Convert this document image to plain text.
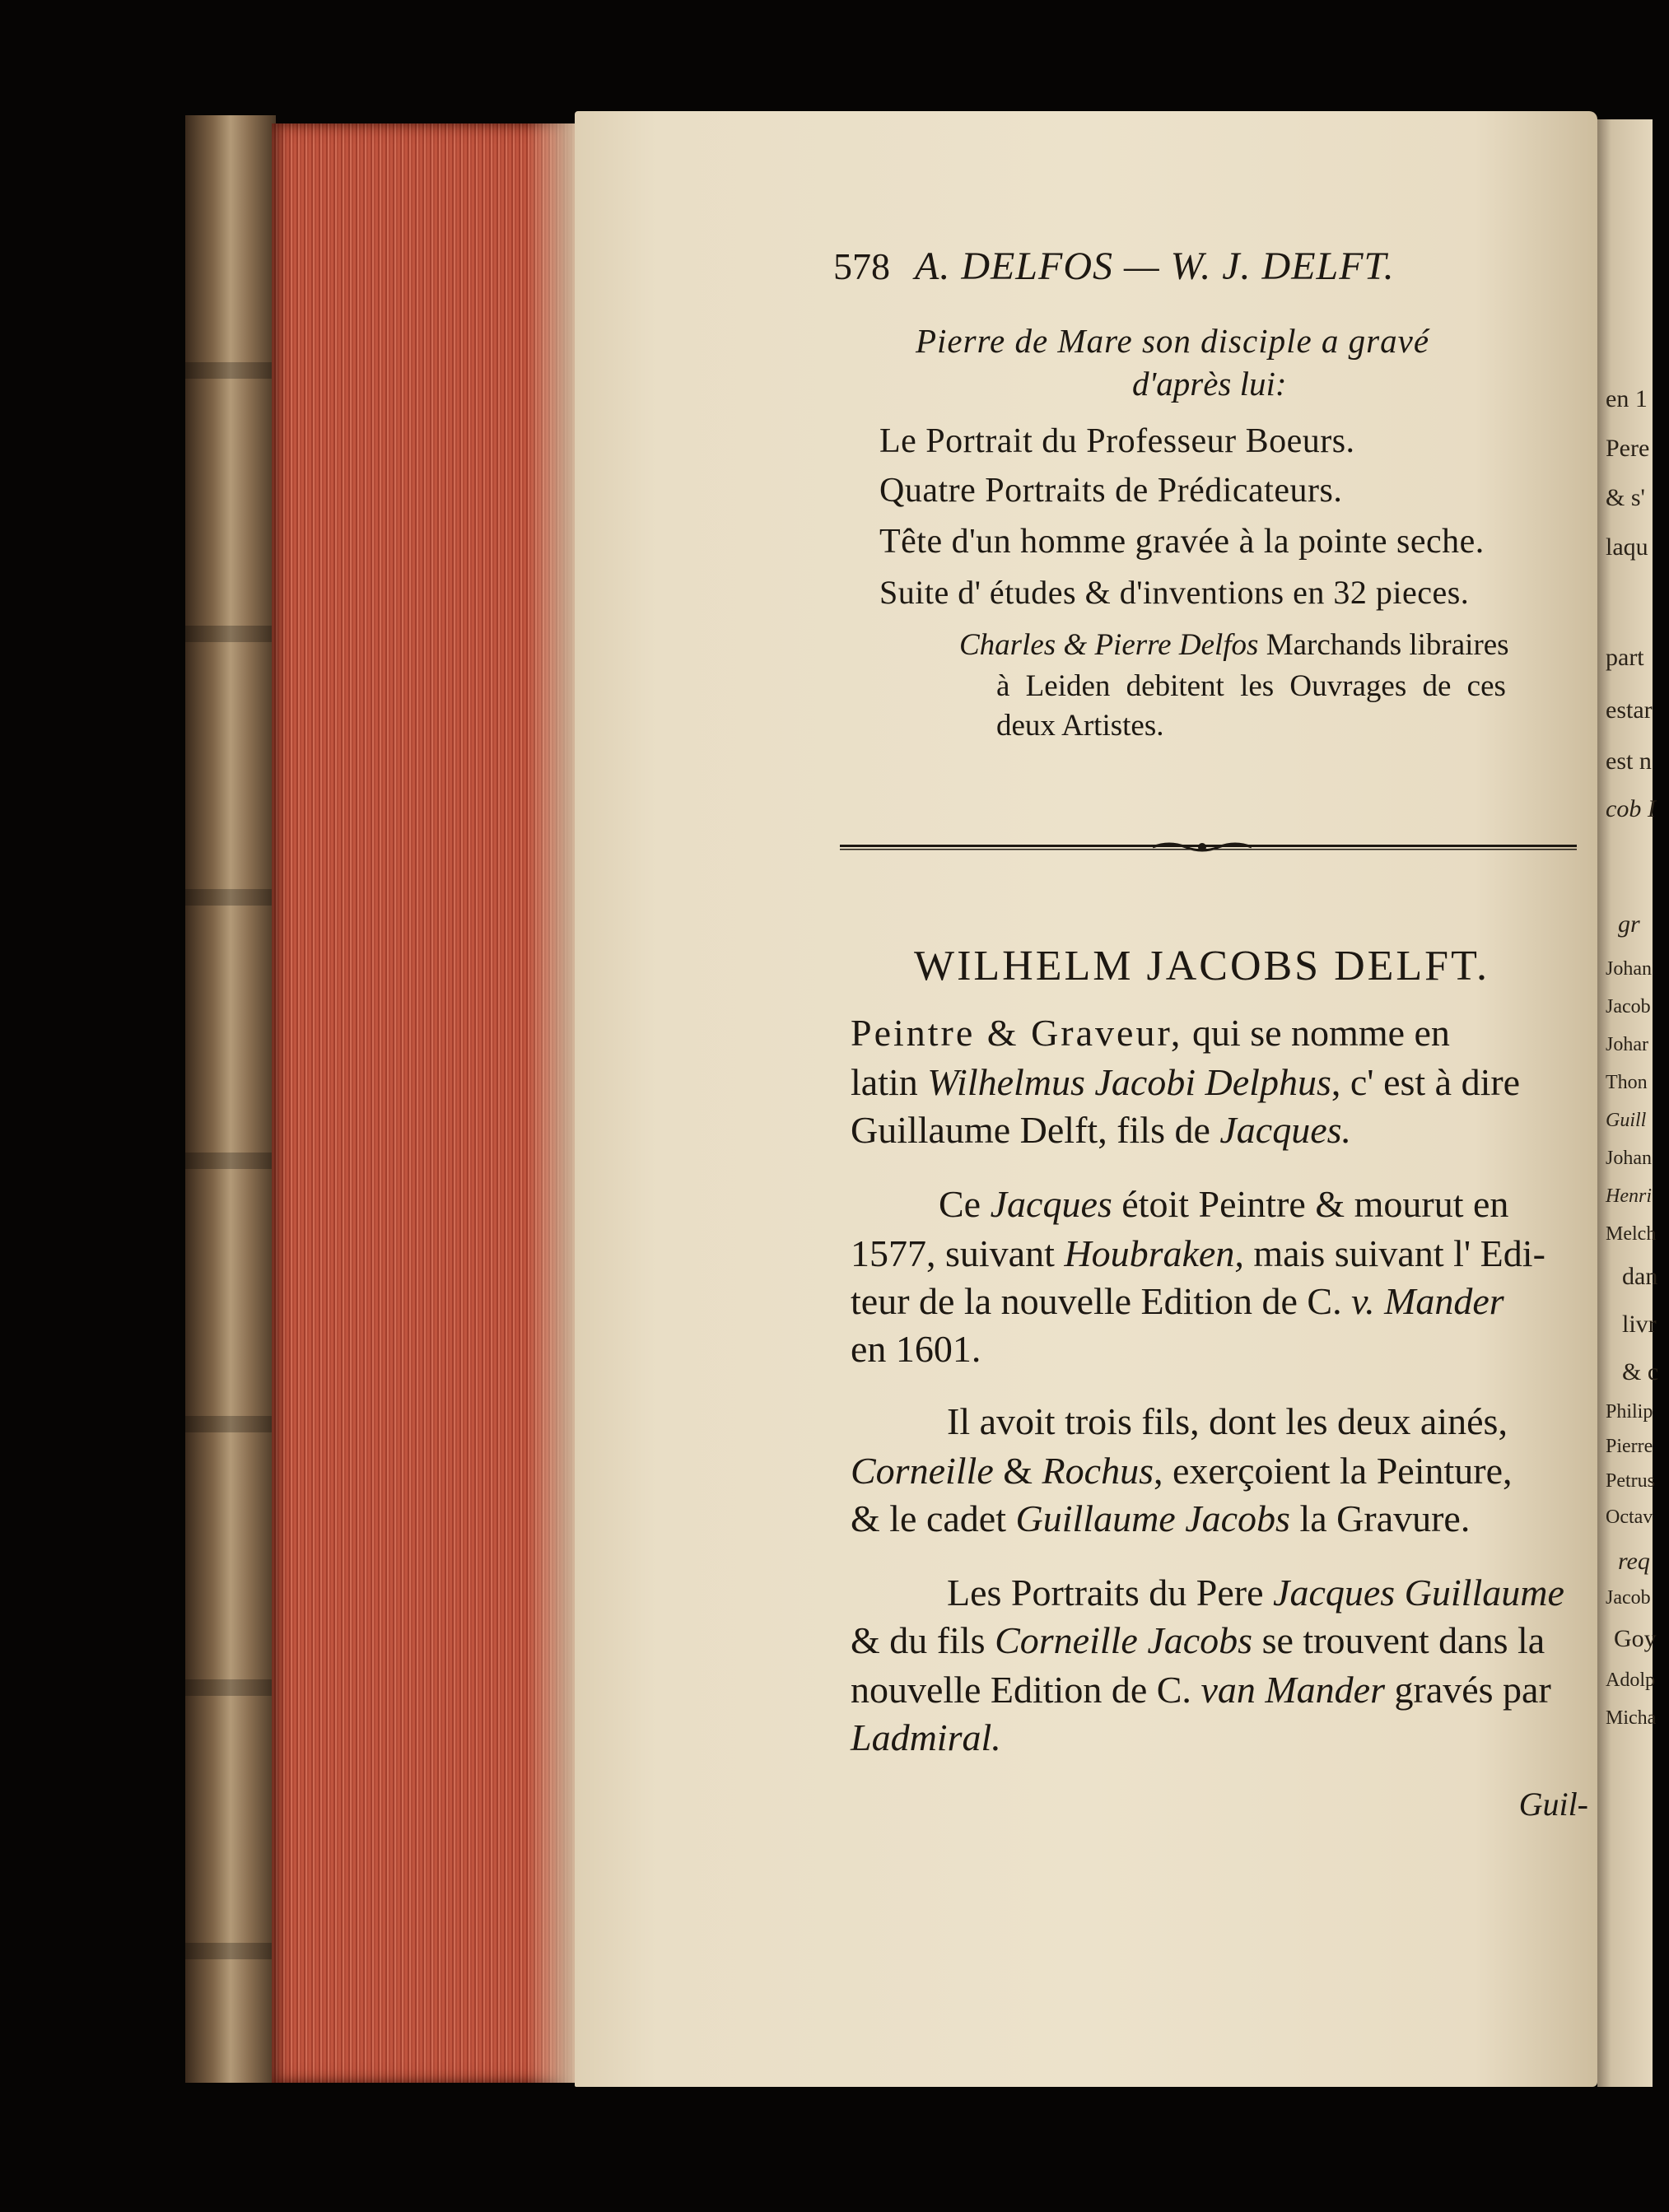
578 A. DELFOS — W. J. DELFT.
Pierre de Mare son disciple a gravé
d'après lui:
Le Portrait du Professeur Boeurs.
Quatre Portraits de Prédicateurs.
Tête d'un homme gravée à la pointe seche.
Suite d' études & d'inventions en 32 pieces.
Charles & Pierre Delfos Marchands libraires
à Leiden debitent les Ouvrages de ces
deux Artistes.
WILHELM JACOBS DELFT.
Peintre & Graveur, qui se nomme en
latin Wilhelmus Jacobi Delphus, c' est à dire
Guillaume Delft, fils de Jacques.
Ce Jacques étoit Peintre & mourut en
1577, suivant Houbraken, mais suivant l' Edi-
teur de la nouvelle Edition de C. v. Mander
en 1601.
Il avoit trois fils, dont les deux ainés,
Corneille & Rochus, exerçoient la Peinture,
& le cadet Guillaume Jacobs la Gravure.
Les Portraits du Pere Jacques Guillaume
& du fils Corneille Jacobs se trouvent dans la
nouvelle Edition de C. van Mander gravés par
Ladmiral.
Guil-
en 1
Pere
& s'
laqu
part
estar
est n
cob I
gr
Johan
Jacob
Johar
Thon
Guill
Johan
Henri
Melch
dan
livr
& c
Philip
Pierre
Petrus
Octav
req
Jacob
Goy
Adolp
Micha
